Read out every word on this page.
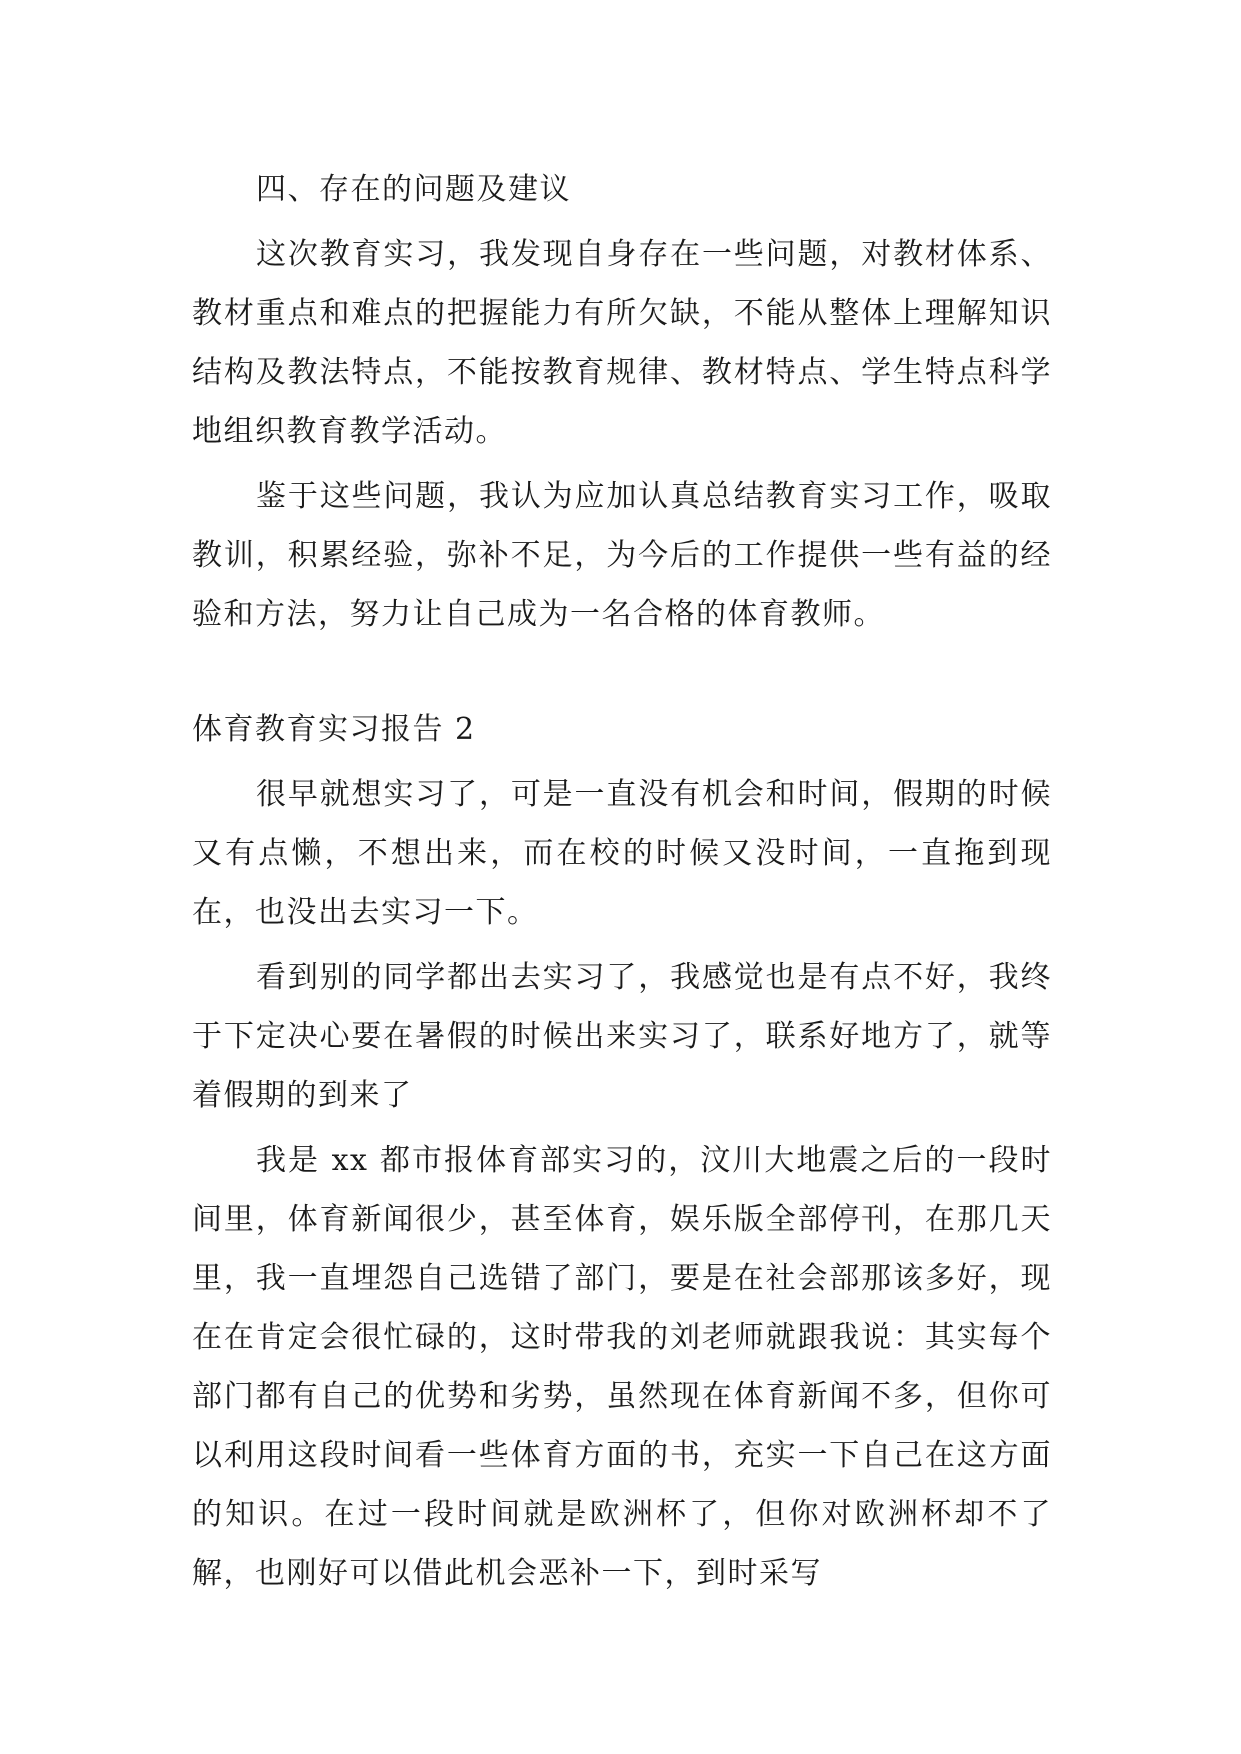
四、存在的问题及建议

这次教育实习，我发现自身存在一些问题，对教材体系、教材重点和难点的把握能力有所欠缺，不能从整体上理解知识结构及教法特点，不能按教育规律、教材特点、学生特点科学地组织教育教学活动。

鉴于这些问题，我认为应加认真总结教育实习工作，吸取教训，积累经验，弥补不足，为今后的工作提供一些有益的经验和方法，努力让自己成为一名合格的体育教师。

体育教育实习报告 2

很早就想实习了，可是一直没有机会和时间，假期的时候又有点懒，不想出来，而在校的时候又没时间，一直拖到现在，也没出去实习一下。

看到别的同学都出去实习了，我感觉也是有点不好，我终于下定决心要在暑假的时候出来实习了，联系好地方了，就等着假期的到来了

我是 xx 都市报体育部实习的，汶川大地震之后的一段时间里，体育新闻很少，甚至体育，娱乐版全部停刊，在那几天里，我一直埋怨自己选错了部门，要是在社会部那该多好，现在在肯定会很忙碌的，这时带我的刘老师就跟我说：其实每个部门都有自己的优势和劣势，虽然现在体育新闻不多，但你可以利用这段时间看一些体育方面的书，充实一下自己在这方面的知识。在过一段时间就是欧洲杯了，但你对欧洲杯却不了解，也刚好可以借此机会恶补一下，到时采写
